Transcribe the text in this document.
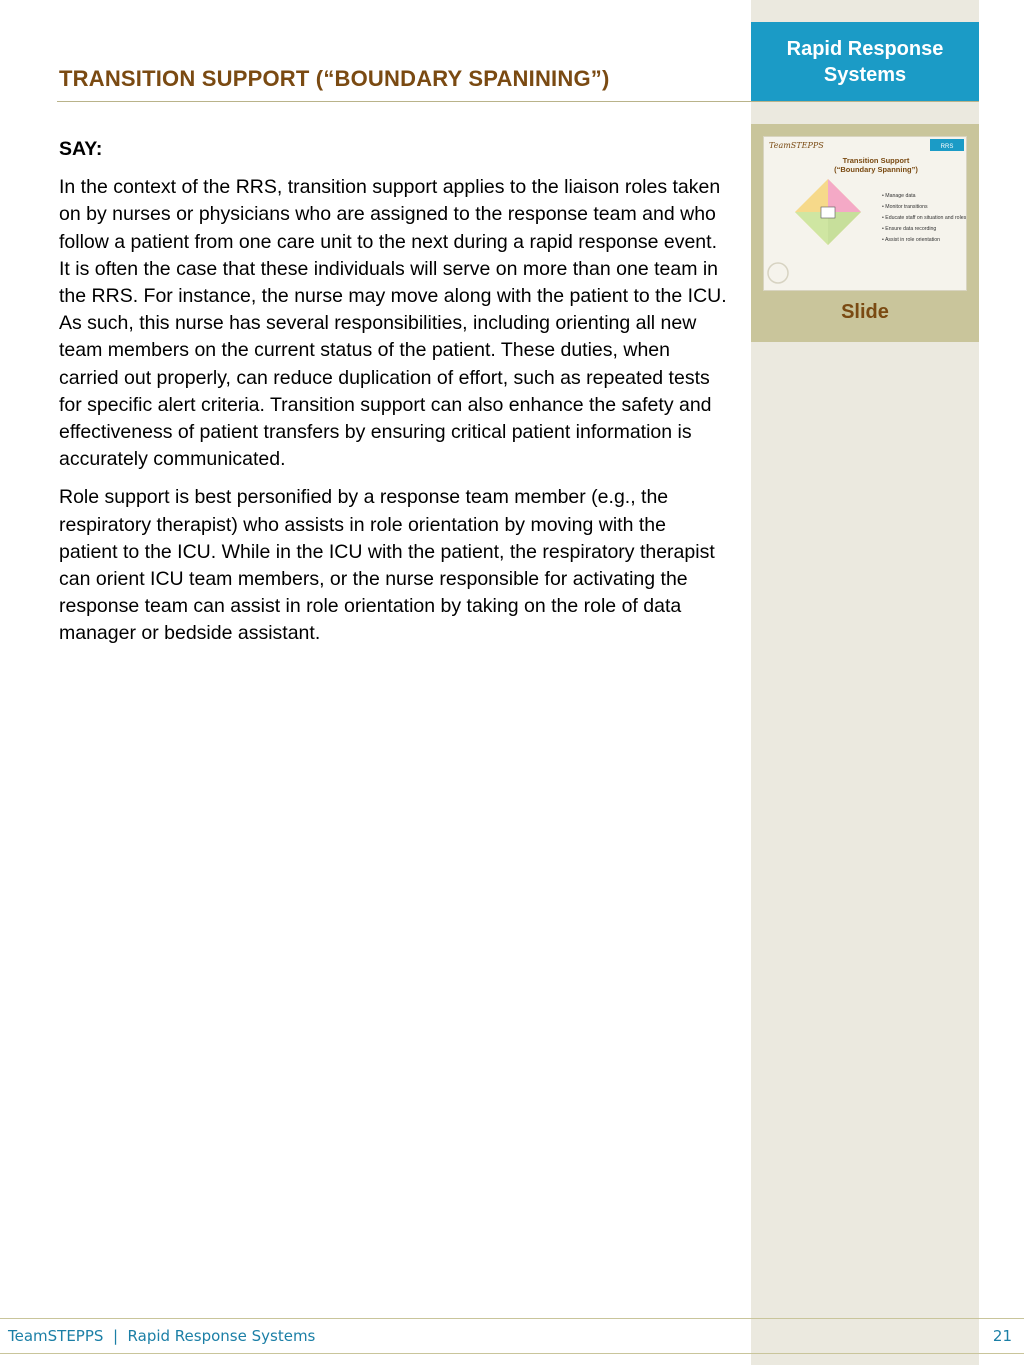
Rapid Response
Systems
TRANSITION SUPPORT (“BOUNDARY SPANINING”)
TeamSTEPPS	RRS
Transition Support
(“Boundary Spanning”)
• Manage data
• Monitor transitions
• Educate staff on situation and roles
• Ensure data recording
• Assist in role orientation
Slide

SAY:

In the context of the RRS, transition support applies to the liaison roles taken on by nurses or physicians who are assigned to the response team and who follow a patient from one care unit to the next during a rapid response event. It is often the case that these individuals will serve on more than one team in the RRS. For instance, the nurse may move along with the patient to the ICU. As such, this nurse has several responsibilities, including orienting all new team members on the current status of the patient. These duties, when carried out properly, can reduce duplication of effort, such as repeated tests for specific alert criteria. Transition support can also enhance the safety and effectiveness of patient transfers by ensuring critical patient information is accurately communicated.

Role support is best personified by a response team member (e.g., the respiratory therapist) who assists in role orientation by moving with the patient to the ICU. While in the ICU with the patient, the respiratory therapist can orient ICU team members, or the nurse responsible for activating the response team can assist in role orientation by taking on the role of data manager or bedside assistant.

TeamSTEPPS  |  Rapid Response Systems	21
